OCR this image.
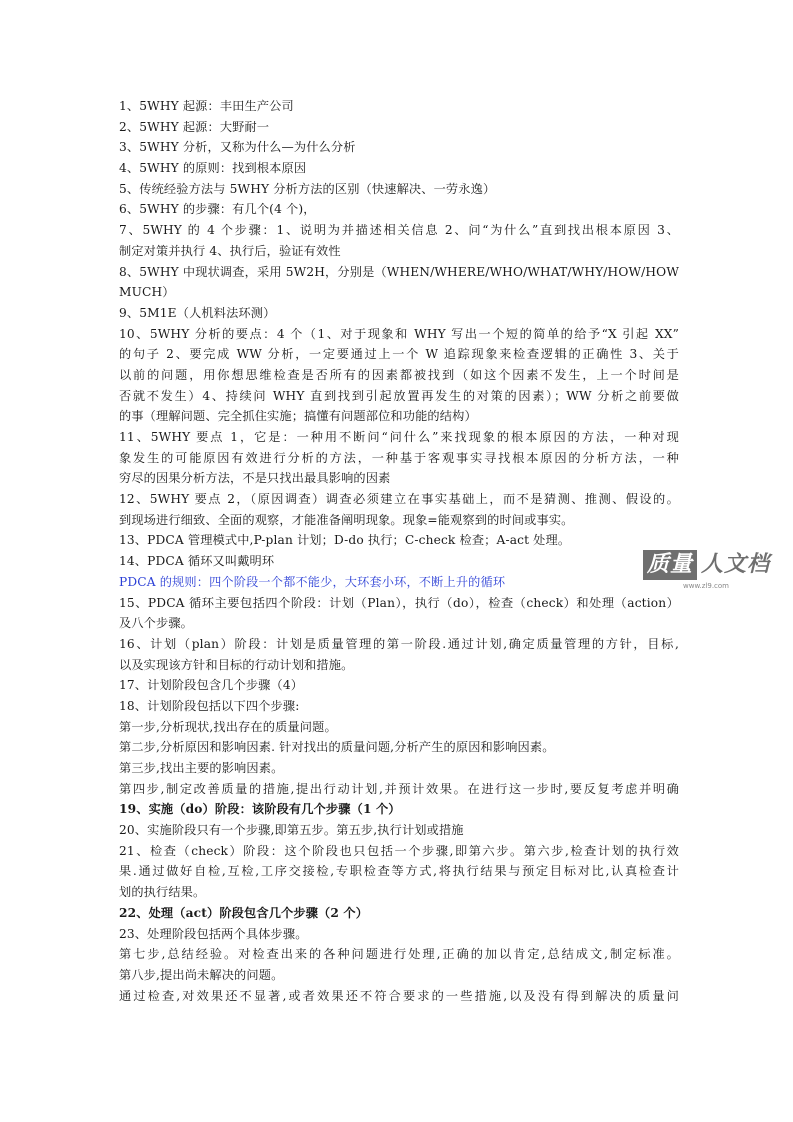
1、5WHY 起源：丰田生产公司
2、5WHY 起源：大野耐一
3、5WHY 分析，又称为什么—为什么分析
4、5WHY 的原则：找到根本原因
5、传统经验方法与 5WHY 分析方法的区别（快速解决、一劳永逸）
6、5WHY 的步骤：有几个(4 个)，
7、5WHY 的 4 个步骤：1、说明为并描述相关信息 2、问“为什么”直到找出根本原因 3、
制定对策并执行 4、执行后，验证有效性
8、5WHY 中现状调查，采用 5W2H，分别是（WHEN/WHERE/WHO/WHAT/WHY/HOW/HOW
MUCH）
9、5M1E（人机料法环测）
10、5WHY 分析的要点：4 个（1、对于现象和 WHY 写出一个短的简单的给予“X 引起 XX”
的句子 2、要完成 WW 分析，一定要通过上一个 W 追踪现象来检查逻辑的正确性 3、关于
以前的问题，用你想思维检查是否所有的因素都被找到（如这个因素不发生，上一个时间是
否就不发生）4、持续问 WHY 直到找到引起放置再发生的对策的因素）；WW 分析之前要做
的事（理解问题、完全抓住实施；搞懂有问题部位和功能的结构）
11、5WHY 要点 1，它是：一种用不断问“问什么”来找现象的根本原因的方法，一种对现
象发生的可能原因有效进行分析的方法，一种基于客观事实寻找根本原因的分析方法，一种
穷尽的因果分析方法，不是只找出最具影响的因素
12、5WHY 要点 2，（原因调查）调查必须建立在事实基础上，而不是猜测、推测、假设的。
到现场进行细致、全面的观察，才能准备阐明现象。现象=能观察到的时间或事实。
13、PDCA 管理模式中,P-plan 计划；D-do 执行；C-check 检查；A-act 处理。
14、PDCA 循环又叫戴明环
PDCA 的规则：四个阶段一个都不能少，大环套小环，不断上升的循环
15、PDCA 循环主要包括四个阶段：计划（Plan），执行（do），检查（check）和处理（action）
及八个步骤。
16、计划（plan）阶段：计划是质量管理的第一阶段.通过计划,确定质量管理的方针，目标,
以及实现该方针和目标的行动计划和措施。
17、计划阶段包含几个步骤（4）
18、计划阶段包括以下四个步骤:
第一步,分析现状,找出存在的质量问题。
第二步,分析原因和影响因素. 针对找出的质量问题,分析产生的原因和影响因素。
第三步,找出主要的影响因素。
第四步,制定改善质量的措施,提出行动计划,并预计效果。在进行这一步时,要反复考虑并明确
19、实施（do）阶段：该阶段有几个步骤（1 个）
20、实施阶段只有一个步骤,即第五步。第五步,执行计划或措施
21、检查（check）阶段：这个阶段也只包括一个步骤,即第六步。第六步,检查计划的执行效
果.通过做好自检,互检,工序交接检,专职检查等方式,将执行结果与预定目标对比,认真检查计
划的执行结果。
22、处理（act）阶段包含几个步骤（2 个）
23、处理阶段包括两个具体步骤。
第七步,总结经验。对检查出来的各种问题进行处理,正确的加以肯定,总结成文,制定标准。
第八步,提出尚未解决的问题。
通过检查,对效果还不显著,或者效果还不符合要求的一些措施,以及没有得到解决的质量问
质量 人文档
www.zl9.com
